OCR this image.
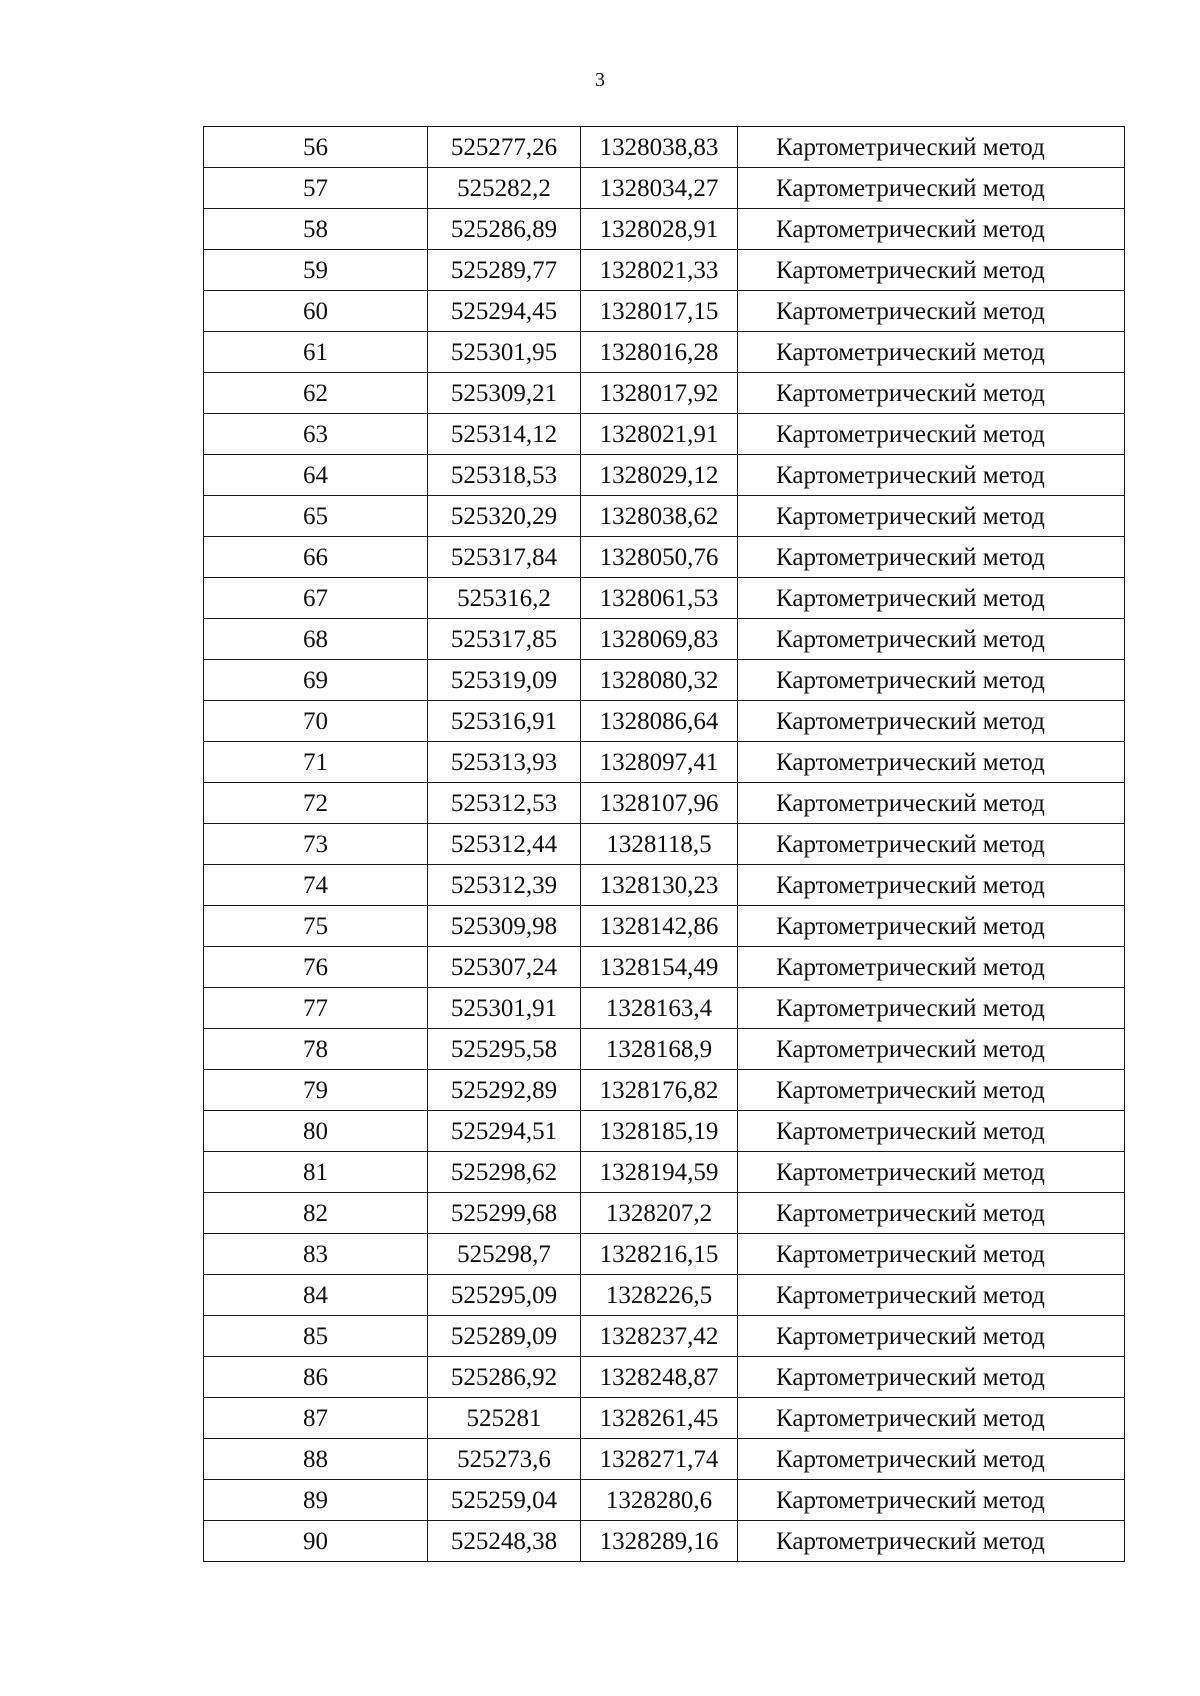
3
56	525277,26	1328038,83	Картометрический метод
57	525282,2	1328034,27	Картометрический метод
58	525286,89	1328028,91	Картометрический метод
59	525289,77	1328021,33	Картометрический метод
60	525294,45	1328017,15	Картометрический метод
61	525301,95	1328016,28	Картометрический метод
62	525309,21	1328017,92	Картометрический метод
63	525314,12	1328021,91	Картометрический метод
64	525318,53	1328029,12	Картометрический метод
65	525320,29	1328038,62	Картометрический метод
66	525317,84	1328050,76	Картометрический метод
67	525316,2	1328061,53	Картометрический метод
68	525317,85	1328069,83	Картометрический метод
69	525319,09	1328080,32	Картометрический метод
70	525316,91	1328086,64	Картометрический метод
71	525313,93	1328097,41	Картометрический метод
72	525312,53	1328107,96	Картометрический метод
73	525312,44	1328118,5	Картометрический метод
74	525312,39	1328130,23	Картометрический метод
75	525309,98	1328142,86	Картометрический метод
76	525307,24	1328154,49	Картометрический метод
77	525301,91	1328163,4	Картометрический метод
78	525295,58	1328168,9	Картометрический метод
79	525292,89	1328176,82	Картометрический метод
80	525294,51	1328185,19	Картометрический метод
81	525298,62	1328194,59	Картометрический метод
82	525299,68	1328207,2	Картометрический метод
83	525298,7	1328216,15	Картометрический метод
84	525295,09	1328226,5	Картометрический метод
85	525289,09	1328237,42	Картометрический метод
86	525286,92	1328248,87	Картометрический метод
87	525281	1328261,45	Картометрический метод
88	525273,6	1328271,74	Картометрический метод
89	525259,04	1328280,6	Картометрический метод
90	525248,38	1328289,16	Картометрический метод
